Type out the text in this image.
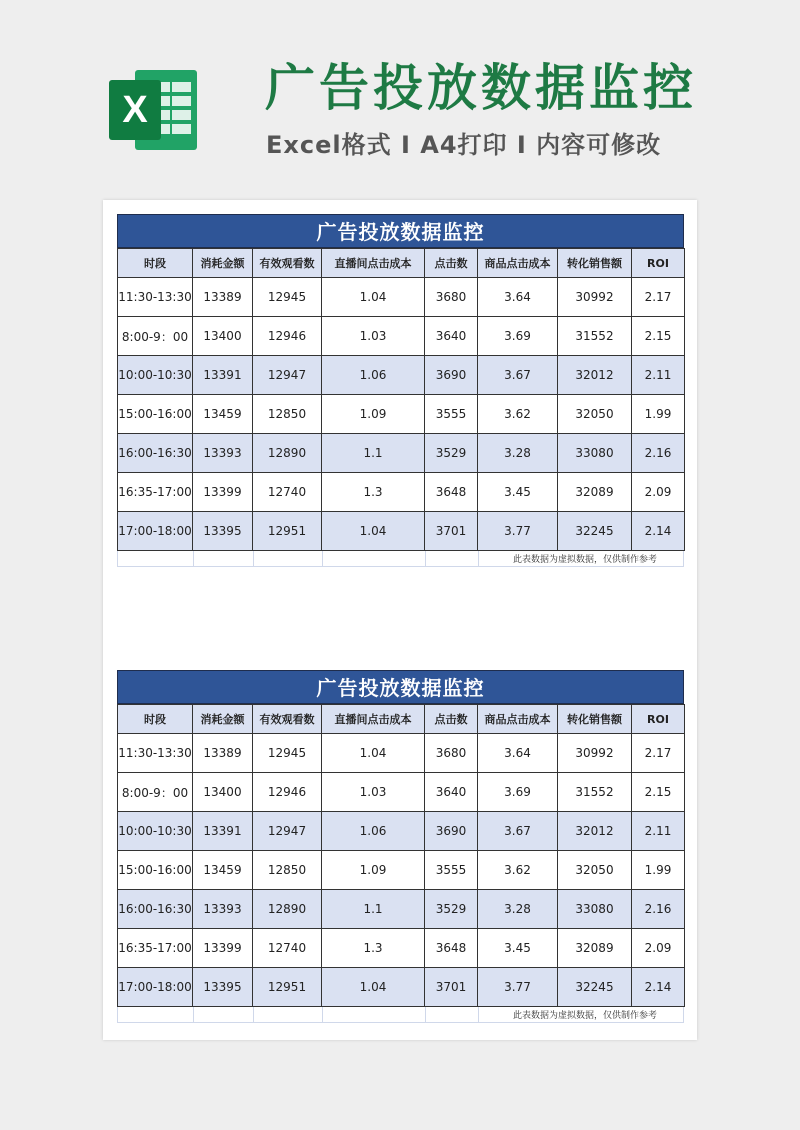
X 广告投放数据监控
Excel格式 I A4打印 I 内容可修改
广告投放数据监控
时段	消耗金额	有效观看数	直播间点击成本	点击数	商品点击成本	转化销售额	ROI
11:30-13:30	13389	12945	1.04	3680	3.64	30992	2.17
8:00-9：00	13400	12946	1.03	3640	3.69	31552	2.15
10:00-10:30	13391	12947	1.06	3690	3.67	32012	2.11
15:00-16:00	13459	12850	1.09	3555	3.62	32050	1.99
16:00-16:30	13393	12890	1.1	3529	3.28	33080	2.16
16:35-17:00	13399	12740	1.3	3648	3.45	32089	2.09
17:00-18:00	13395	12951	1.04	3701	3.77	32245	2.14
此表数据为虚拟数据，仅供制作参考
广告投放数据监控
时段	消耗金额	有效观看数	直播间点击成本	点击数	商品点击成本	转化销售额	ROI
11:30-13:30	13389	12945	1.04	3680	3.64	30992	2.17
8:00-9：00	13400	12946	1.03	3640	3.69	31552	2.15
10:00-10:30	13391	12947	1.06	3690	3.67	32012	2.11
15:00-16:00	13459	12850	1.09	3555	3.62	32050	1.99
16:00-16:30	13393	12890	1.1	3529	3.28	33080	2.16
16:35-17:00	13399	12740	1.3	3648	3.45	32089	2.09
17:00-18:00	13395	12951	1.04	3701	3.77	32245	2.14
此表数据为虚拟数据，仅供制作参考
